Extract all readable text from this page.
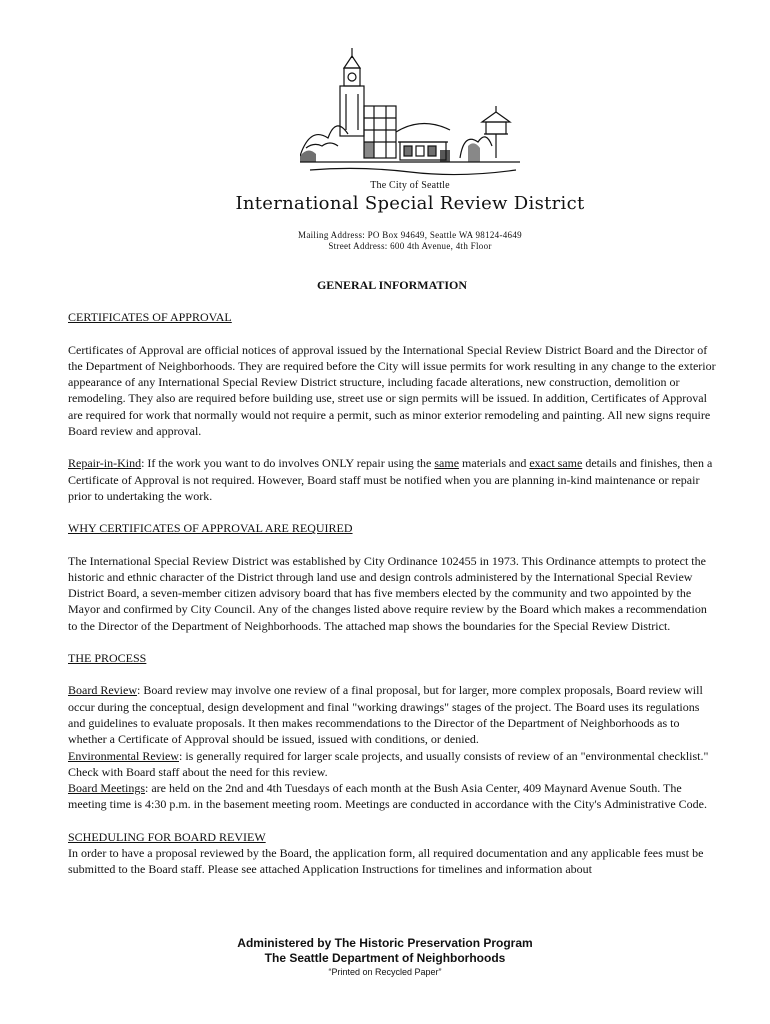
The City of Seattle
International Special Review District
Mailing Address: PO Box 94649, Seattle WA 98124-4649
Street Address: 600 4th Avenue, 4th Floor

GENERAL INFORMATION

CERTIFICATES OF APPROVAL

Certificates of Approval are official notices of approval issued by the International Special Review District Board and the Director of the Department of Neighborhoods. They are required before the City will issue permits for work resulting in any change to the exterior appearance of any International Special Review District structure, including facade alterations, new construction, demolition or remodeling. They also are required before building use, street use or sign permits will be issued. In addition, Certificates of Approval are required for work that normally would not require a permit, such as minor exterior remodeling and painting. All new signs require Board review and approval.

Repair-in-Kind: If the work you want to do involves ONLY repair using the same materials and exact same details and finishes, then a Certificate of Approval is not required. However, Board staff must be notified when you are planning in-kind maintenance or repair prior to undertaking the work.

WHY CERTIFICATES OF APPROVAL ARE REQUIRED

The International Special Review District was established by City Ordinance 102455 in 1973. This Ordinance attempts to protect the historic and ethnic character of the District through land use and design controls administered by the International Special Review District Board, a seven-member citizen advisory board that has five members elected by the community and two appointed by the Mayor and confirmed by City Council. Any of the changes listed above require review by the Board which makes a recommendation to the Director of the Department of Neighborhoods. The attached map shows the boundaries for the Special Review District.

THE PROCESS

Board Review: Board review may involve one review of a final proposal, but for larger, more complex proposals, Board review will occur during the conceptual, design development and final "working drawings" stages of the project. The Board uses its regulations and guidelines to evaluate proposals. It then makes recommendations to the Director of the Department of Neighborhoods as to whether a Certificate of Approval should be issued, issued with conditions, or denied.

Environmental Review: is generally required for larger scale projects, and usually consists of review of an "environmental checklist." Check with Board staff about the need for this review.

Board Meetings: are held on the 2nd and 4th Tuesdays of each month at the Bush Asia Center, 409 Maynard Avenue South. The meeting time is 4:30 p.m. in the basement meeting room. Meetings are conducted in accordance with the City's Administrative Code.

SCHEDULING FOR BOARD REVIEW

In order to have a proposal reviewed by the Board, the application form, all required documentation and any applicable fees must be submitted to the Board staff. Please see attached Application Instructions for timelines and information about

Administered by The Historic Preservation Program
The Seattle Department of Neighborhoods
“Printed on Recycled Paper”
